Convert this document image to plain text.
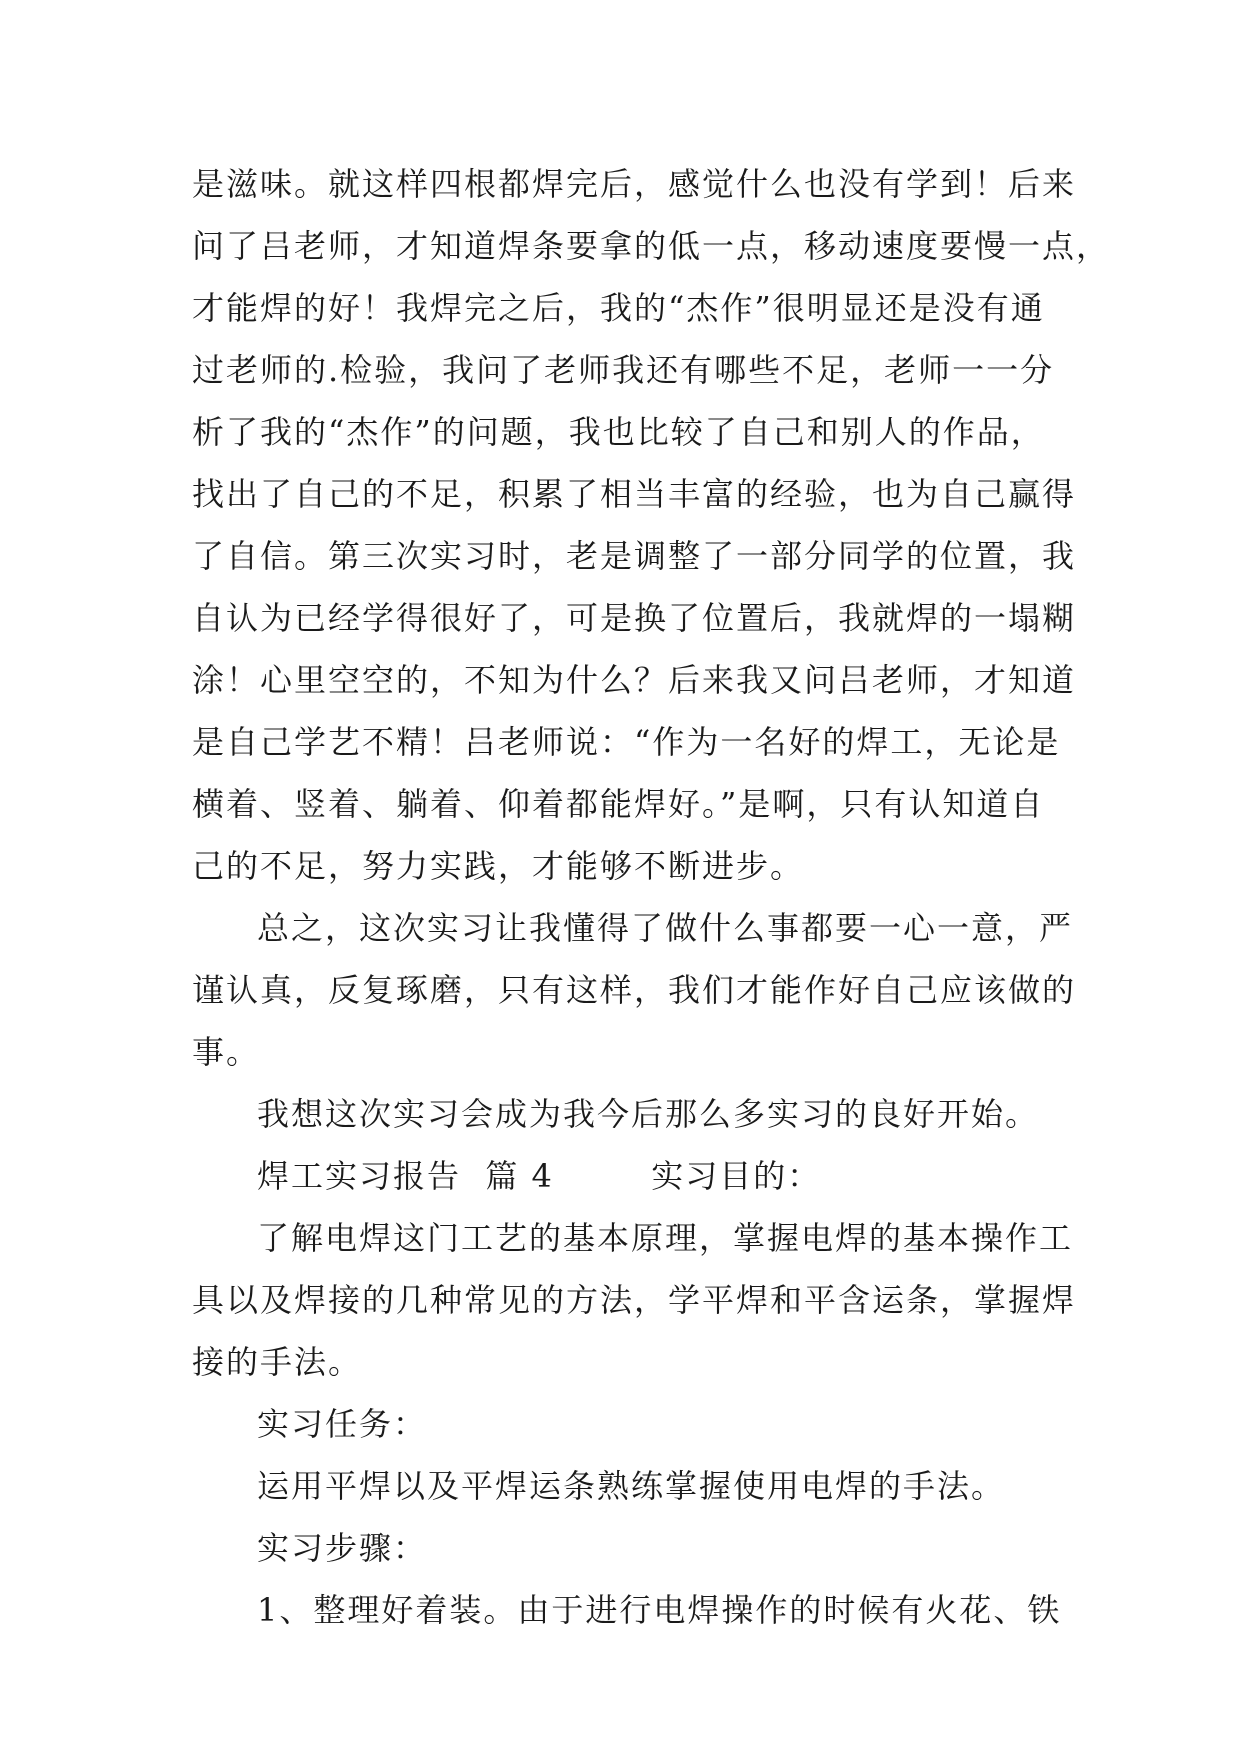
是滋味。就这样四根都焊完后，感觉什么也没有学到！后来
问了吕老师，才知道焊条要拿的低一点，移动速度要慢一点，
才能焊的好！我焊完之后，我的“杰作”很明显还是没有通
过老师的.检验，我问了老师我还有哪些不足，老师一一分
析了我的“杰作”的问题，我也比较了自己和别人的作品，
找出了自己的不足，积累了相当丰富的经验，也为自己赢得
了自信。第三次实习时，老是调整了一部分同学的位置，我
自认为已经学得很好了，可是换了位置后，我就焊的一塌糊
涂！心里空空的，不知为什么？后来我又问吕老师，才知道
是自己学艺不精！吕老师说：“作为一名好的焊工，无论是
横着、竖着、躺着、仰着都能焊好。”是啊，只有认知道自
己的不足，努力实践，才能够不断进步。
总之，这次实习让我懂得了做什么事都要一心一意，严
谨认真，反复琢磨，只有这样，我们才能作好自己应该做的
事。
我想这次实习会成为我今后那么多实习的良好开始。
焊工实习报告  篇 4        实习目的：
了解电焊这门工艺的基本原理，掌握电焊的基本操作工
具以及焊接的几种常见的方法，学平焊和平含运条，掌握焊
接的手法。
实习任务：
运用平焊以及平焊运条熟练掌握使用电焊的手法。
实习步骤：
1、整理好着装。由于进行电焊操作的时候有火花、铁
